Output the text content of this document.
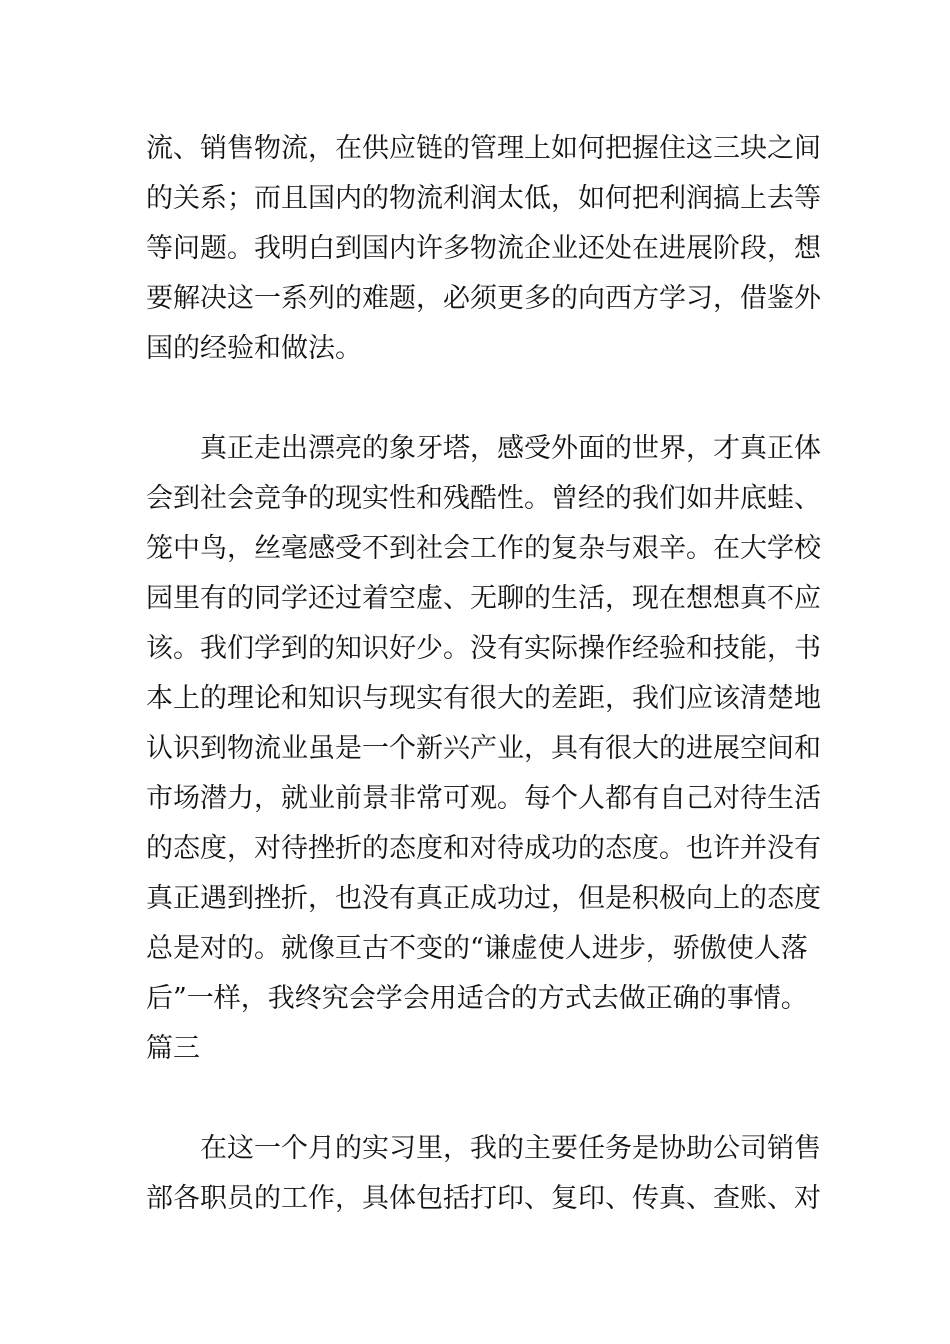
流、销售物流，在供应链的管理上如何把握住这三块之间

的关系；而且国内的物流利润太低，如何把利润搞上去等

等问题。我明白到国内许多物流企业还处在进展阶段，想

要解决这一系列的难题，必须更多的向西方学习，借鉴外

国的经验和做法。

真正走出漂亮的象牙塔，感受外面的世界，才真正体

会到社会竞争的现实性和残酷性。曾经的我们如井底蛙、

笼中鸟，丝毫感受不到社会工作的复杂与艰辛。在大学校

园里有的同学还过着空虚、无聊的生活，现在想想真不应

该。我们学到的知识好少。没有实际操作经验和技能，书

本上的理论和知识与现实有很大的差距，我们应该清楚地

认识到物流业虽是一个新兴产业，具有很大的进展空间和

市场潜力，就业前景非常可观。每个人都有自己对待生活

的态度，对待挫折的态度和对待成功的态度。也许并没有

真正遇到挫折，也没有真正成功过，但是积极向上的态度

总是对的。就像亘古不变的“谦虚使人进步，骄傲使人落

后”一样，我终究会学会用适合的方式去做正确的事情。

篇三

在这一个月的实习里，我的主要任务是协助公司销售

部各职员的工作，具体包括打印、复印、传真、查账、对
